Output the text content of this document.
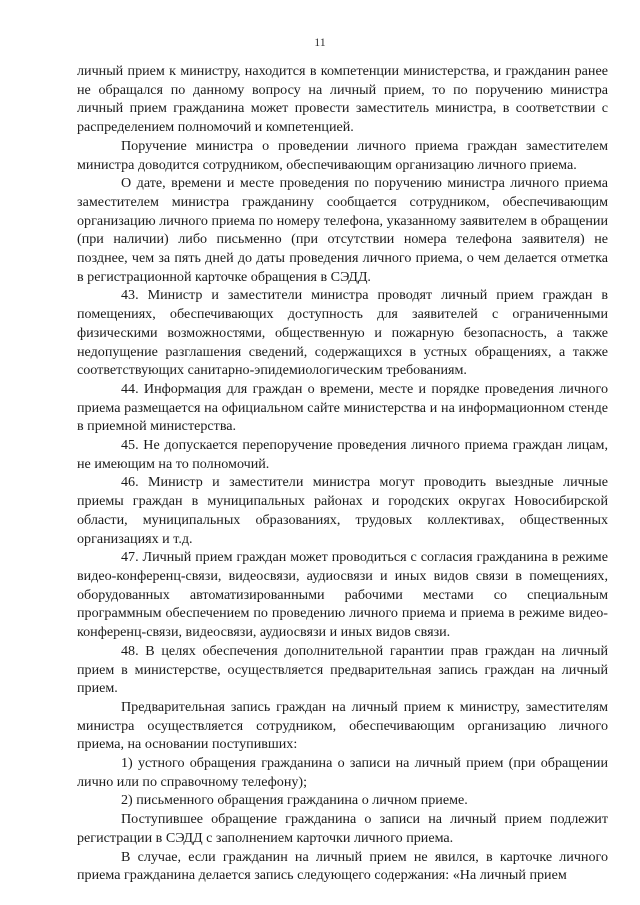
11

личный прием к министру, находится в компетенции министерства, и гражданин ранее не обращался по данному вопросу на личный прием, то по поручению министра личный прием гражданина может провести заместитель министра, в соответствии с распределением полномочий и компетенцией.

Поручение министра о проведении личного приема граждан заместителем министра доводится сотрудником, обеспечивающим организацию личного приема.

О дате, времени и месте проведения по поручению министра личного приема заместителем министра гражданину сообщается сотрудником, обеспечивающим организацию личного приема по номеру телефона, указанному заявителем в обращении (при наличии) либо письменно (при отсутствии номера телефона заявителя) не позднее, чем за пять дней до даты проведения личного приема, о чем делается отметка в регистрационной карточке обращения в СЭДД.

43. Министр и заместители министра проводят личный прием граждан в помещениях, обеспечивающих доступность для заявителей с ограниченными физическими возможностями, общественную и пожарную безопасность, а также недопущение разглашения сведений, содержащихся в устных обращениях, а также соответствующих санитарно-эпидемиологическим требованиям.

44. Информация для граждан о времени, месте и порядке проведения личного приема размещается на официальном сайте министерства и на информационном стенде в приемной министерства.

45. Не допускается перепоручение проведения личного приема граждан лицам, не имеющим на то полномочий.

46. Министр и заместители министра могут проводить выездные личные приемы граждан в муниципальных районах и городских округах Новосибирской области, муниципальных образованиях, трудовых коллективах, общественных организациях и т.д.

47. Личный прием граждан может проводиться с согласия гражданина в режиме видео-конференц-связи, видеосвязи, аудиосвязи и иных видов связи в помещениях, оборудованных автоматизированными рабочими местами со специальным программным обеспечением по проведению личного приема и приема в режиме видео-конференц-связи, видеосвязи, аудиосвязи и иных видов связи.

48. В целях обеспечения дополнительной гарантии прав граждан на личный прием в министерстве, осуществляется предварительная запись граждан на личный прием.

Предварительная запись граждан на личный прием к министру, заместителям министра осуществляется сотрудником, обеспечивающим организацию личного приема, на основании поступивших:

1) устного обращения гражданина о записи на личный прием (при обращении лично или по справочному телефону);

2) письменного обращения гражданина о личном приеме.

Поступившее обращение гражданина о записи на личный прием подлежит регистрации в СЭДД с заполнением карточки личного приема.

В случае, если гражданин на личный прием не явился, в карточке личного приема гражданина делается запись следующего содержания: «На личный прием
